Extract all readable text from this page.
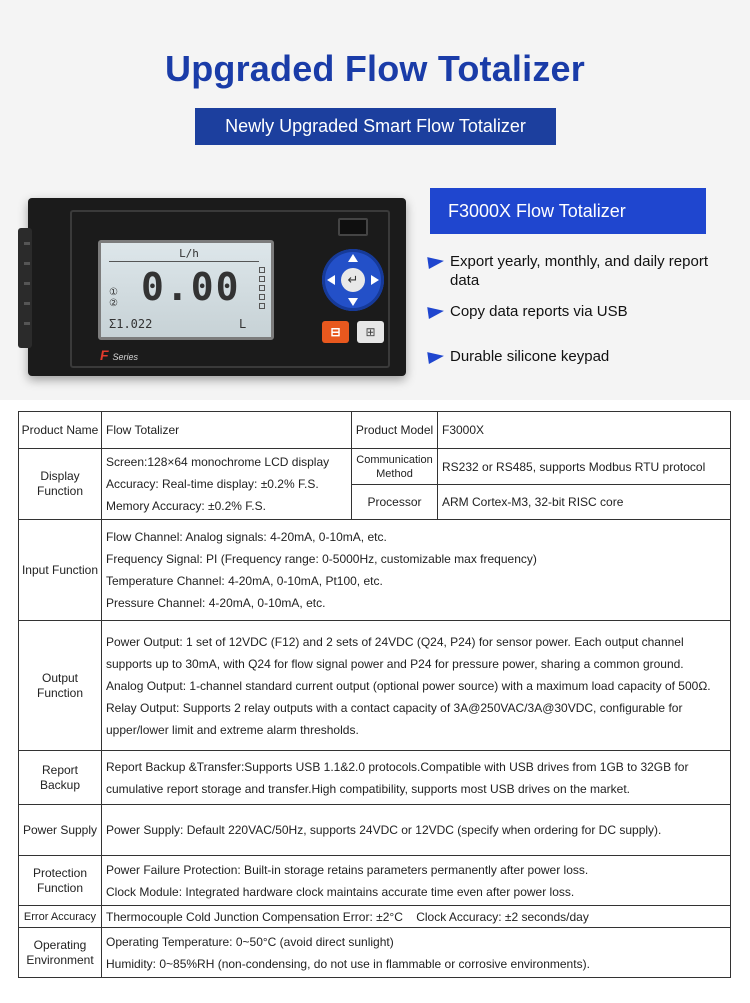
Upgraded Flow Totalizer
Newly Upgraded Smart Flow Totalizer
L/h
①
② 0.00
Σ1.022	L
↵
⊟	⊞
F Series
F3000X Flow Totalizer
Export yearly, monthly, and daily report data
Copy data reports via USB
Durable silicone keypad
Product Name	Flow Totalizer	Product Model	F3000X
Display Function	Screen:128×64 monochrome LCD display

Accuracy: Real-time display: ±0.2% F.S.

Memory Accuracy: ±0.2% F.S.	Communication Method	RS232 or RS485, supports Modbus RTU protocol
		Processor	ARM Cortex-M3, 32-bit RISC core
Input Function	Flow Channel: Analog signals: 4-20mA, 0-10mA, etc.

Frequency Signal: PI (Frequency range: 0-5000Hz, customizable max frequency)

Temperature Channel: 4-20mA, 0-10mA, Pt100, etc.

Pressure Channel: 4-20mA, 0-10mA, etc.		

Output Function	Power Output: 1 set of 12VDC (F12) and 2 sets of 24VDC (Q24, P24) for sensor power. Each output channel supports up to 30mA, with Q24 for flow signal power and P24 for pressure power, sharing a common ground.

Analog Output: 1-channel standard current output (optional power source) with a maximum load capacity of 500Ω.

Relay Output: Supports 2 relay outputs with a contact capacity of 3A@250VAC/3A@30VDC, configurable for upper/lower limit and extreme alarm thresholds.		

Report Backup	Report Backup &Transfer:Supports USB 1.1&2.0 protocols.Compatible with USB drives from 1GB to 32GB for cumulative report storage and transfer.High compatibility, supports most USB drives on the market.		

Power Supply	Power Supply: Default 220VAC/50Hz, supports 24VDC or 12VDC (specify when ordering for DC supply).		
Protection Function	Power Failure Protection: Built-in storage retains parameters permanently after power loss.

Clock Module: Integrated hardware clock maintains accurate time even after power loss.		

Error Accuracy	Thermocouple Cold Junction Compensation Error: ±2°C    Clock Accuracy: ±2 seconds/day		
Operating Environment	Operating Temperature: 0~50°C (avoid direct sunlight)

Humidity: 0~85%RH (non-condensing, do not use in flammable or corrosive environments).		
